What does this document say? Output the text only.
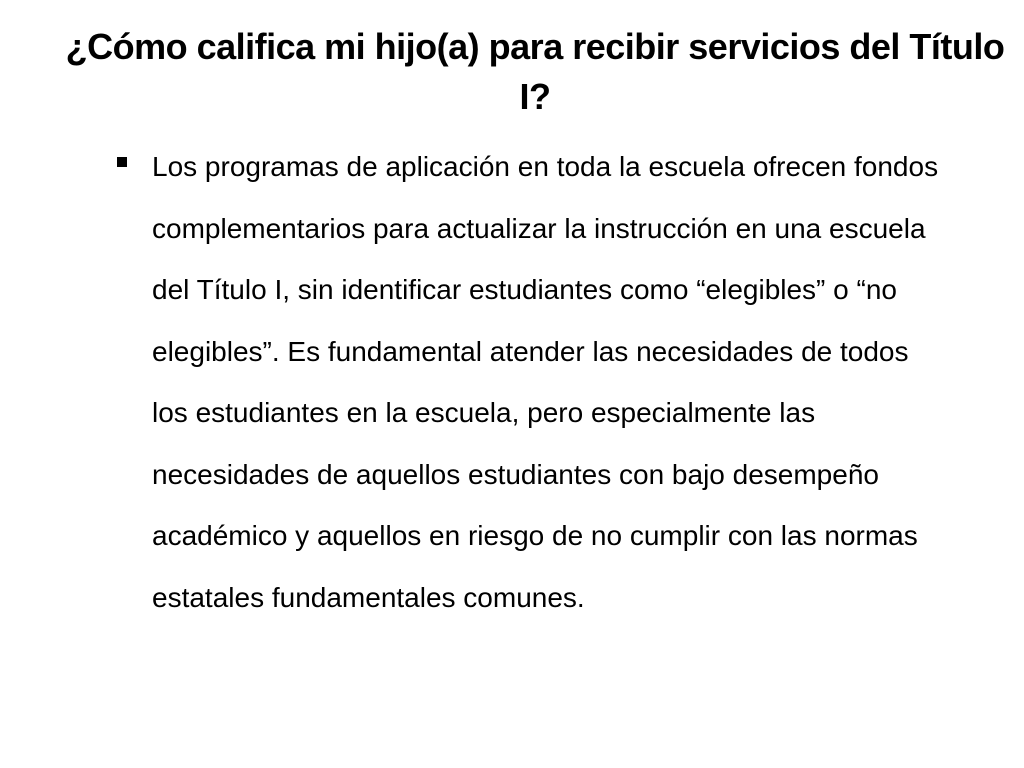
¿Cómo califica mi hijo(a) para recibir servicios del Título I?
Los programas de aplicación en toda la escuela ofrecen fondos complementarios para actualizar la instrucción en una escuela del Título I, sin identificar estudiantes como “elegibles” o “no elegibles”. Es fundamental atender las necesidades de todos los estudiantes en la escuela, pero especialmente las necesidades de aquellos estudiantes con bajo desempeño académico y aquellos en riesgo de no cumplir con las normas estatales fundamentales comunes.
